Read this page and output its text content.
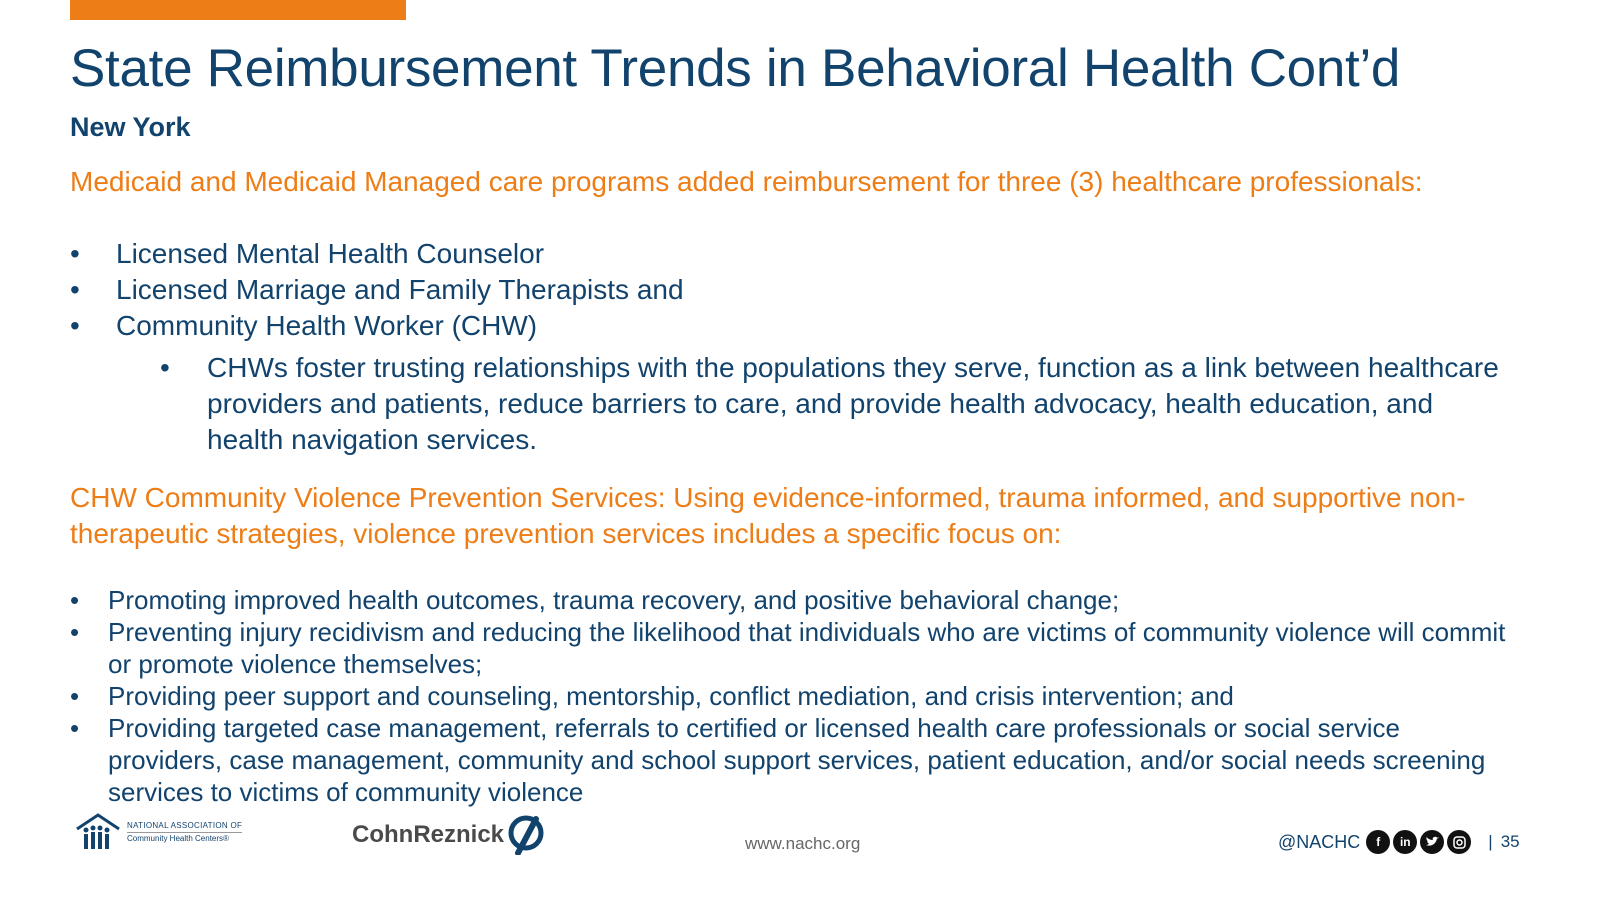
State Reimbursement Trends in Behavioral Health Cont’d
New York

Medicaid and Medicaid Managed care programs added reimbursement for three (3) healthcare professionals:

• Licensed Mental Health Counselor
• Licensed Marriage and Family Therapists and
• Community Health Worker (CHW)
• CHWs foster trusting relationships with the populations they serve, function as a link between healthcare providers and patients, reduce barriers to care, and provide health advocacy, health education, and health navigation services.

CHW Community Violence Prevention Services: Using evidence-informed, trauma informed, and supportive non-therapeutic strategies, violence prevention services includes a specific focus on:

• Promoting improved health outcomes, trauma recovery, and positive behavioral change;
• Preventing injury recidivism and reducing the likelihood that individuals who are victims of community violence will commit or promote violence themselves;
• Providing peer support and counseling, mentorship, conflict mediation, and crisis intervention; and
• Providing targeted case management, referrals to certified or licensed health care professionals or social service providers, case management, community and school support services, patient education, and/or social needs screening services to victims of community violence
NATIONAL ASSOCIATION OF
Community Health Centers®	CohnReznick	www.nachc.org	@NACHC	f	in	| 35
